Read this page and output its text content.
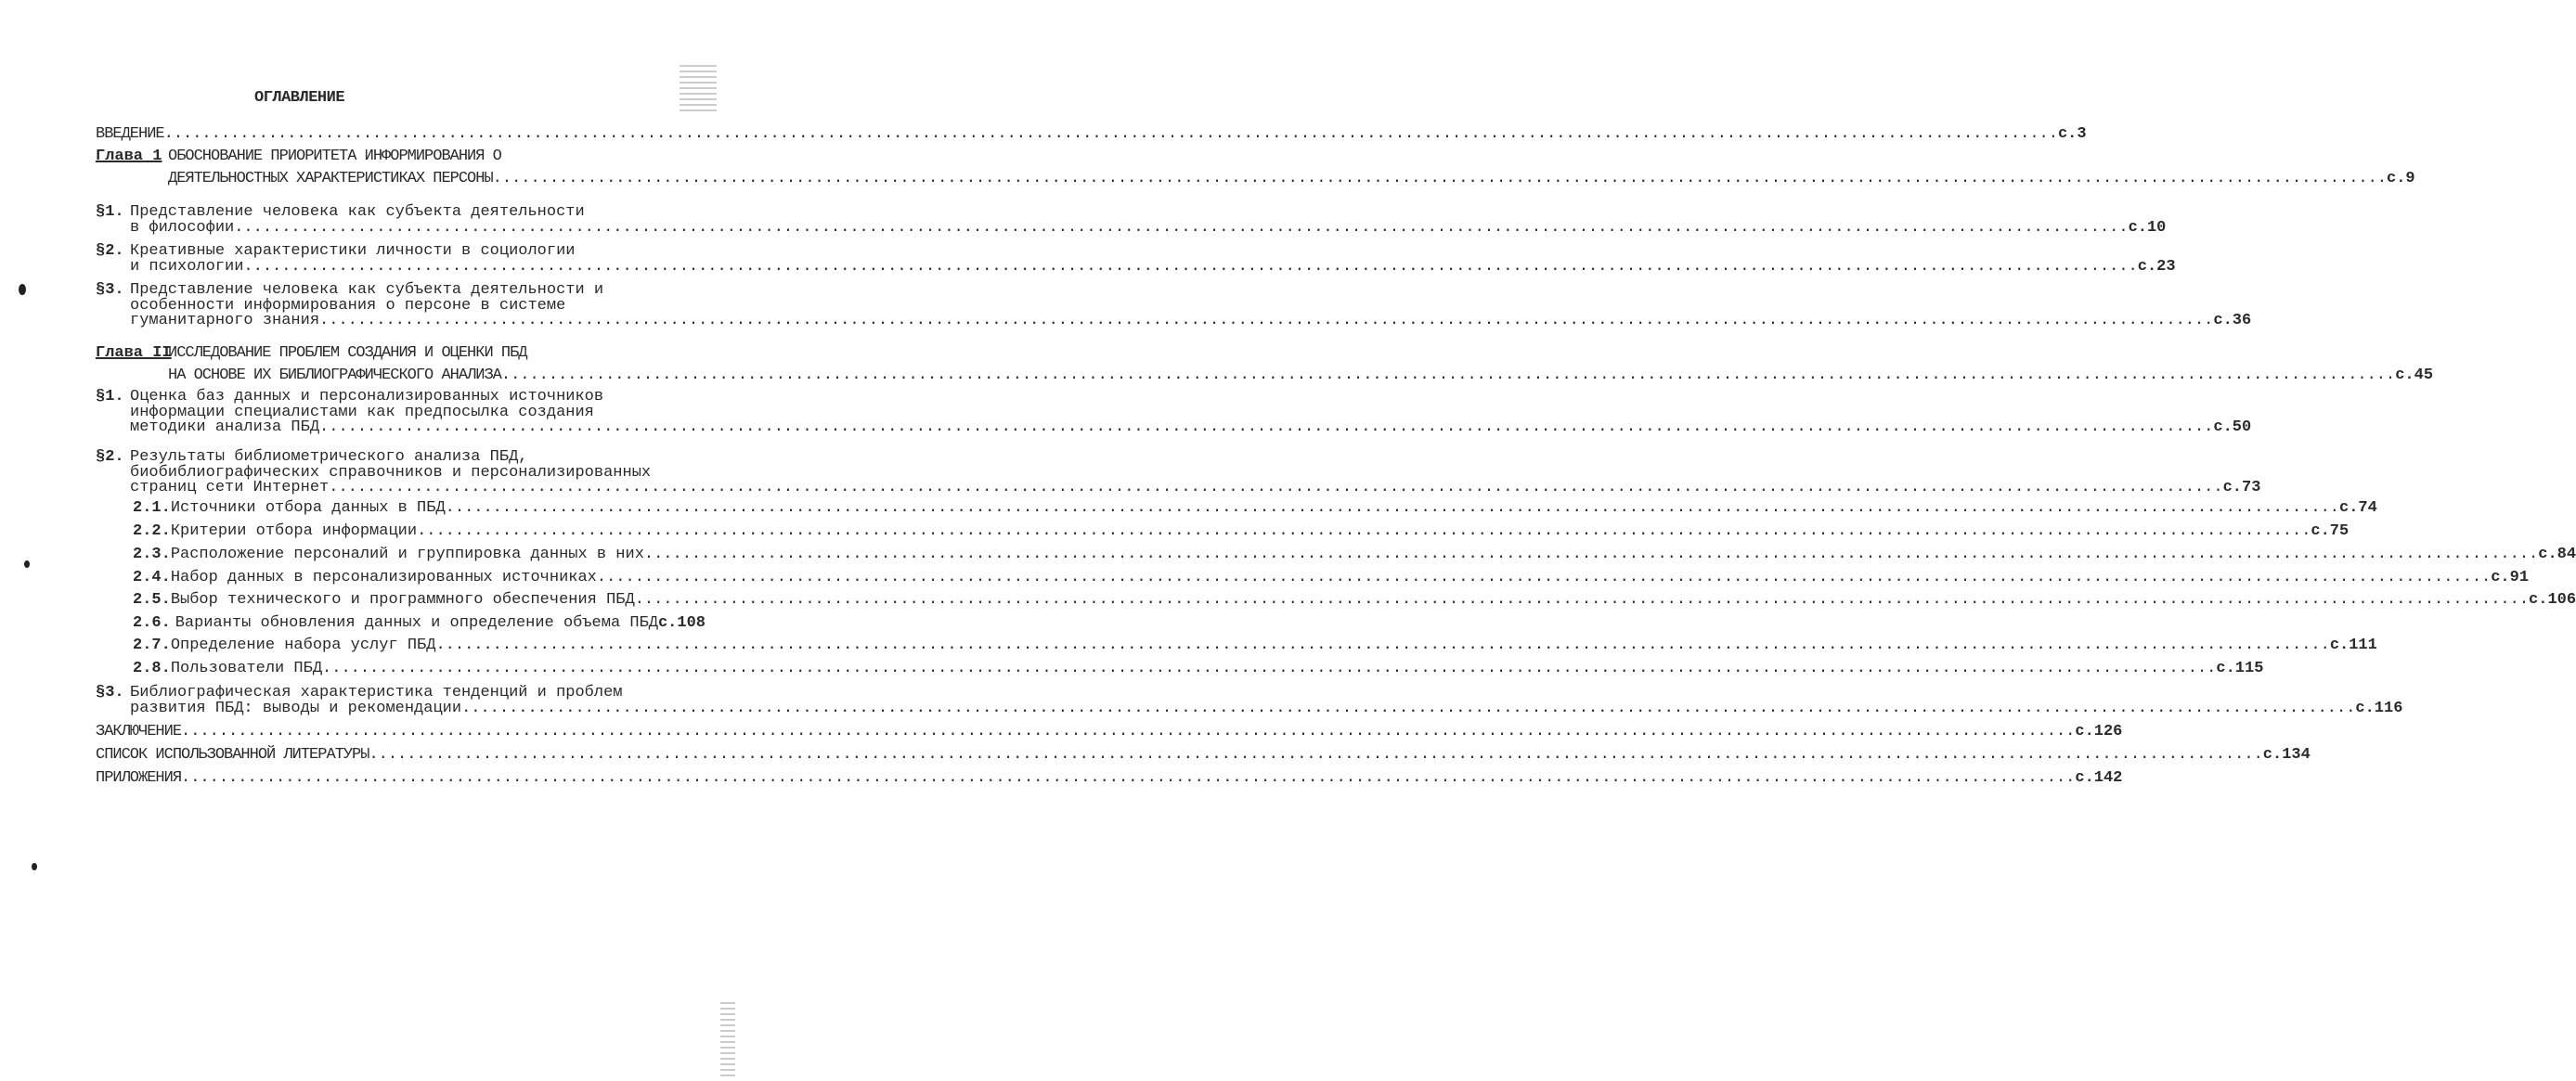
ОГЛАВЛЕНИЕ
ВВЕДЕНИЕ ........................................................................................................................................................................................................ с.3
Глава 1 ОБОСНОВАНИЕ ПРИОРИТЕТА ИНФОРМИРОВАНИЯ О
ДЕЯТЕЛЬНОСТНЫХ ХАРАКТЕРИСТИКАХ ПЕРСОНЫ ........................................................................................................................................................................................................ с.9
§1. Представление человека как субъекта деятельности
в философии ........................................................................................................................................................................................................ с.10
§2. Креативные характеристики личности в социологии
и психологии ........................................................................................................................................................................................................ с.23
§3. Представление человека как субъекта деятельности и
особенности информирования о персоне в системе
гуманитарного знания ........................................................................................................................................................................................................ с.36
Глава II
ИССЛЕДОВАНИЕ ПРОБЛЕМ СОЗДАНИЯ И ОЦЕНКИ ПБД
НА ОСНОВЕ ИХ БИБЛИОГРАФИЧЕСКОГО АНАЛИЗА ........................................................................................................................................................................................................ с.45
§1. Оценка баз данных и персонализированных источников
информации специалистами как предпосылка создания
методики анализа ПБД ........................................................................................................................................................................................................ с.50
§2. Результаты библиометрического анализа ПБД,
биобиблиографических справочников и персонализированных
страниц сети Интернет ........................................................................................................................................................................................................ с.73
2.1. Источники отбора данных в ПБД ........................................................................................................................................................................................................ с.74
2.2. Критерии отбора информации ........................................................................................................................................................................................................ с.75
2.3. Расположение персоналий и группировка данных в них ........................................................................................................................................................................................................ с.84
2.4. Набор данных в персонализированных источниках ........................................................................................................................................................................................................ с.91
2.5. Выбор технического и программного обеспечения ПБД ........................................................................................................................................................................................................ с.106
2.6. Варианты обновления данных и определение объема ПБД с.108
2.7. Определение набора услуг ПБД ........................................................................................................................................................................................................ с.111
2.8. Пользователи ПБД ........................................................................................................................................................................................................ с.115
§3. Библиографическая характеристика тенденций и проблем
развития ПБД: выводы и рекомендации ........................................................................................................................................................................................................ с.116
ЗАКЛЮЧЕНИЕ ........................................................................................................................................................................................................ с.126
СПИСОК ИСПОЛЬЗОВАННОЙ ЛИТЕРАТУРЫ ........................................................................................................................................................................................................ с.134
ПРИЛОЖЕНИЯ ........................................................................................................................................................................................................ с.142
